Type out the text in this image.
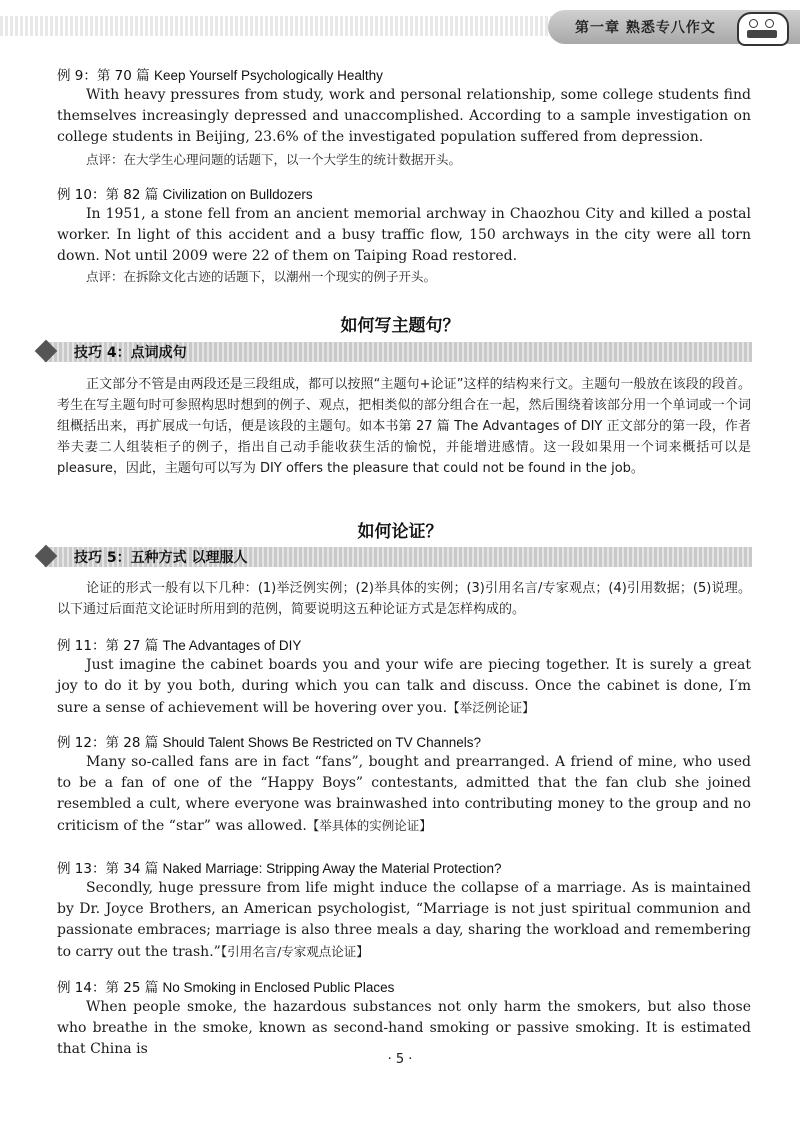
第一章 熟悉专八作文
例 9：第 70 篇 Keep Yourself Psychologically Healthy

With heavy pressures from study, work and personal relationship, some college students find themselves increasingly depressed and unaccomplished. According to a sample investigation on college students in Beijing, 23.6% of the investigated population suffered from depression.

点评：在大学生心理问题的话题下，以一个大学生的统计数据开头。
例 10：第 82 篇 Civilization on Bulldozers

In 1951, a stone fell from an ancient memorial archway in Chaozhou City and killed a postal worker. In light of this accident and a busy traffic flow, 150 archways in the city were all torn down. Not until 2009 were 22 of them on Taiping Road restored.

点评：在拆除文化古迹的话题下，以潮州一个现实的例子开头。
如何写主题句？
技巧 4：点词成句

正文部分不管是由两段还是三段组成，都可以按照“主题句+论证”这样的结构来行文。主题句一般放在该段的段首。考生在写主题句时可参照构思时想到的例子、观点，把相类似的部分组合在一起，然后围绕着该部分用一个单词或一个词组概括出来，再扩展成一句话，便是该段的主题句。如本书第 27 篇 The Advantages of DIY 正文部分的第一段，作者举夫妻二人组装柜子的例子，指出自己动手能收获生活的愉悦，并能增进感情。这一段如果用一个词来概括可以是 pleasure，因此，主题句可以写为 DIY offers the pleasure that could not be found in the job。

如何论证？
技巧 5：五种方式 以理服人

论证的形式一般有以下几种：(1)举泛例实例；(2)举具体的实例；(3)引用名言/专家观点；(4)引用数据；(5)说理。以下通过后面范文论证时所用到的范例，简要说明这五种论证方式是怎样构成的。

例 11：第 27 篇 The Advantages of DIY

Just imagine the cabinet boards you and your wife are piecing together. It is surely a great joy to do it by you both, during which you can talk and discuss. Once the cabinet is done, I′m sure a sense of achievement will be hovering over you.【举泛例论证】

例 12：第 28 篇 Should Talent Shows Be Restricted on TV Channels?

Many so-called fans are in fact “fans”, bought and prearranged. A friend of mine, who used to be a fan of one of the “Happy Boys” contestants, admitted that the fan club she joined resembled a cult, where everyone was brainwashed into contributing money to the group and no criticism of the “star” was allowed.【举具体的实例论证】

例 13：第 34 篇 Naked Marriage: Stripping Away the Material Protection?

Secondly, huge pressure from life might induce the collapse of a marriage. As is maintained by Dr. Joyce Brothers, an American psychologist, “Marriage is not just spiritual communion and passionate embraces; marriage is also three meals a day, sharing the workload and remembering to carry out the trash.”【引用名言/专家观点论证】

例 14：第 25 篇 No Smoking in Enclosed Public Places

When people smoke, the hazardous substances not only harm the smokers, but also those who breathe in the smoke, known as second-hand smoking or passive smoking. It is estimated that China is

· 5 ·
